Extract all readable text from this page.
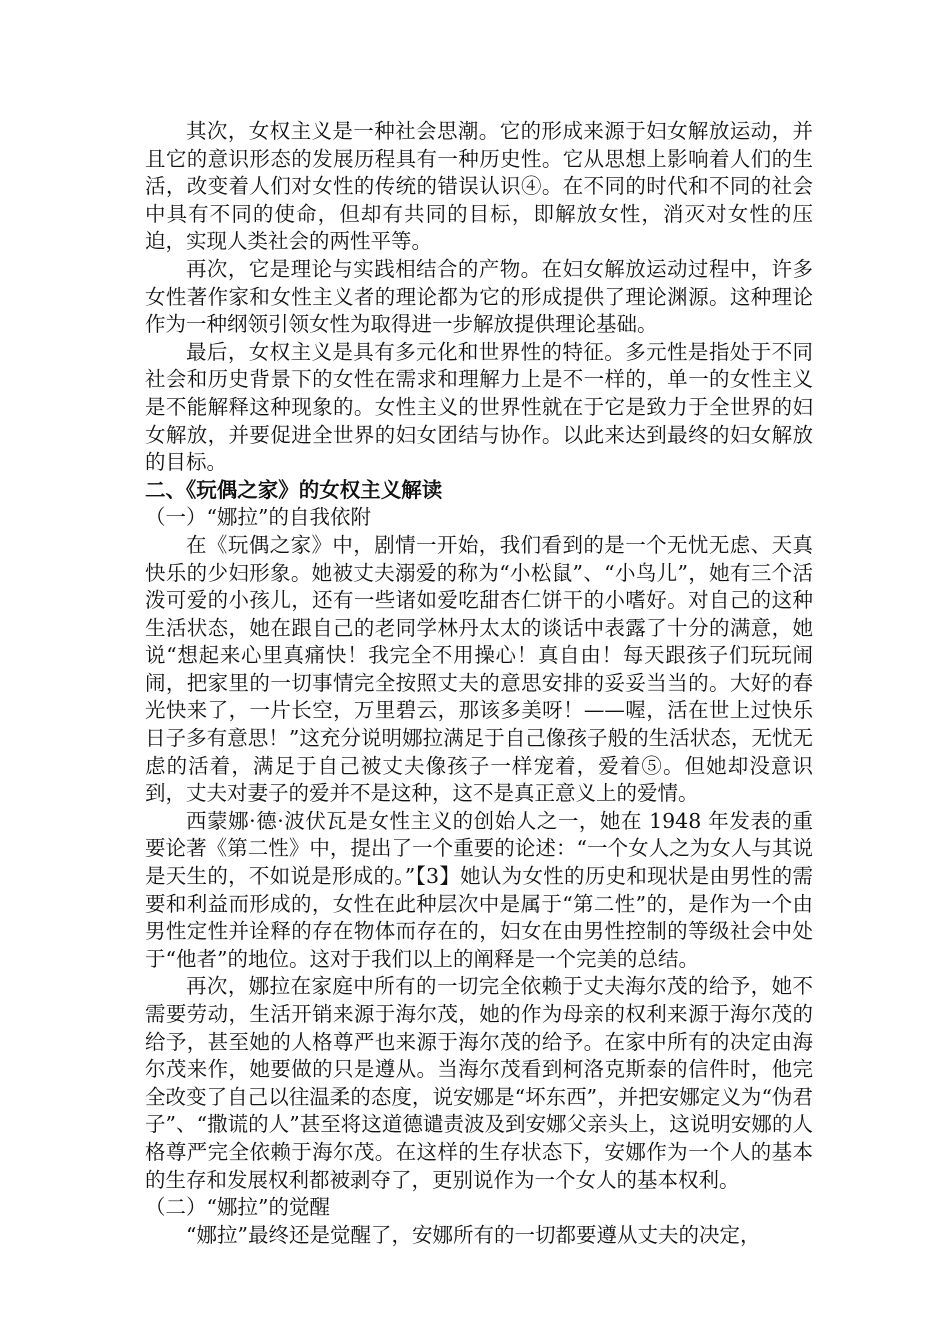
其次，女权主义是一种社会思潮。它的形成来源于妇女解放运动，并且它的意识形态的发展历程具有一种历史性。它从思想上影响着人们的生活，改变着人们对女性的传统的错误认识④。在不同的时代和不同的社会中具有不同的使命，但却有共同的目标，即解放女性，消灭对女性的压迫，实现人类社会的两性平等。

再次，它是理论与实践相结合的产物。在妇女解放运动过程中，许多女性著作家和女性主义者的理论都为它的形成提供了理论渊源。这种理论作为一种纲领引领女性为取得进一步解放提供理论基础。

最后，女权主义是具有多元化和世界性的特征。多元性是指处于不同社会和历史背景下的女性在需求和理解力上是不一样的，单一的女性主义是不能解释这种现象的。女性主义的世界性就在于它是致力于全世界的妇女解放，并要促进全世界的妇女团结与协作。以此来达到最终的妇女解放的目标。

二、《玩偶之家》的女权主义解读

（一）“娜拉”的自我依附

在《玩偶之家》中，剧情一开始，我们看到的是一个无忧无虑、天真快乐的少妇形象。她被丈夫溺爱的称为“小松鼠”、“小鸟儿”，她有三个活泼可爱的小孩儿，还有一些诸如爱吃甜杏仁饼干的小嗜好。对自己的这种生活状态，她在跟自己的老同学林丹太太的谈话中表露了十分的满意，她说“想起来心里真痛快！我完全不用操心！真自由！每天跟孩子们玩玩闹闹，把家里的一切事情完全按照丈夫的意思安排的妥妥当当的。大好的春光快来了，一片长空，万里碧云，那该多美呀！——喔，活在世上过快乐日子多有意思！”这充分说明娜拉满足于自己像孩子般的生活状态，无忧无虑的活着，满足于自己被丈夫像孩子一样宠着，爱着⑤。但她却没意识到，丈夫对妻子的爱并不是这种，这不是真正意义上的爱情。

西蒙娜·德·波伏瓦是女性主义的创始人之一，她在 1948 年发表的重要论著《第二性》中，提出了一个重要的论述：“一个女人之为女人与其说是天生的，不如说是形成的。”【3】她认为女性的历史和现状是由男性的需要和利益而形成的，女性在此种层次中是属于“第二性”的，是作为一个由男性定性并诠释的存在物体而存在的，妇女在由男性控制的等级社会中处于“他者”的地位。这对于我们以上的阐释是一个完美的总结。

再次，娜拉在家庭中所有的一切完全依赖于丈夫海尔茂的给予，她不需要劳动，生活开销来源于海尔茂，她的作为母亲的权利来源于海尔茂的给予，甚至她的人格尊严也来源于海尔茂的给予。在家中所有的决定由海尔茂来作，她要做的只是遵从。当海尔茂看到柯洛克斯泰的信件时，他完全改变了自己以往温柔的态度，说安娜是“坏东西”，并把安娜定义为“伪君子”、“撒谎的人”甚至将这道德谴责波及到安娜父亲头上，这说明安娜的人格尊严完全依赖于海尔茂。在这样的生存状态下，安娜作为一个人的基本的生存和发展权利都被剥夺了，更别说作为一个女人的基本权利。

（二）“娜拉”的觉醒

“娜拉”最终还是觉醒了，安娜所有的一切都要遵从丈夫的决定，
